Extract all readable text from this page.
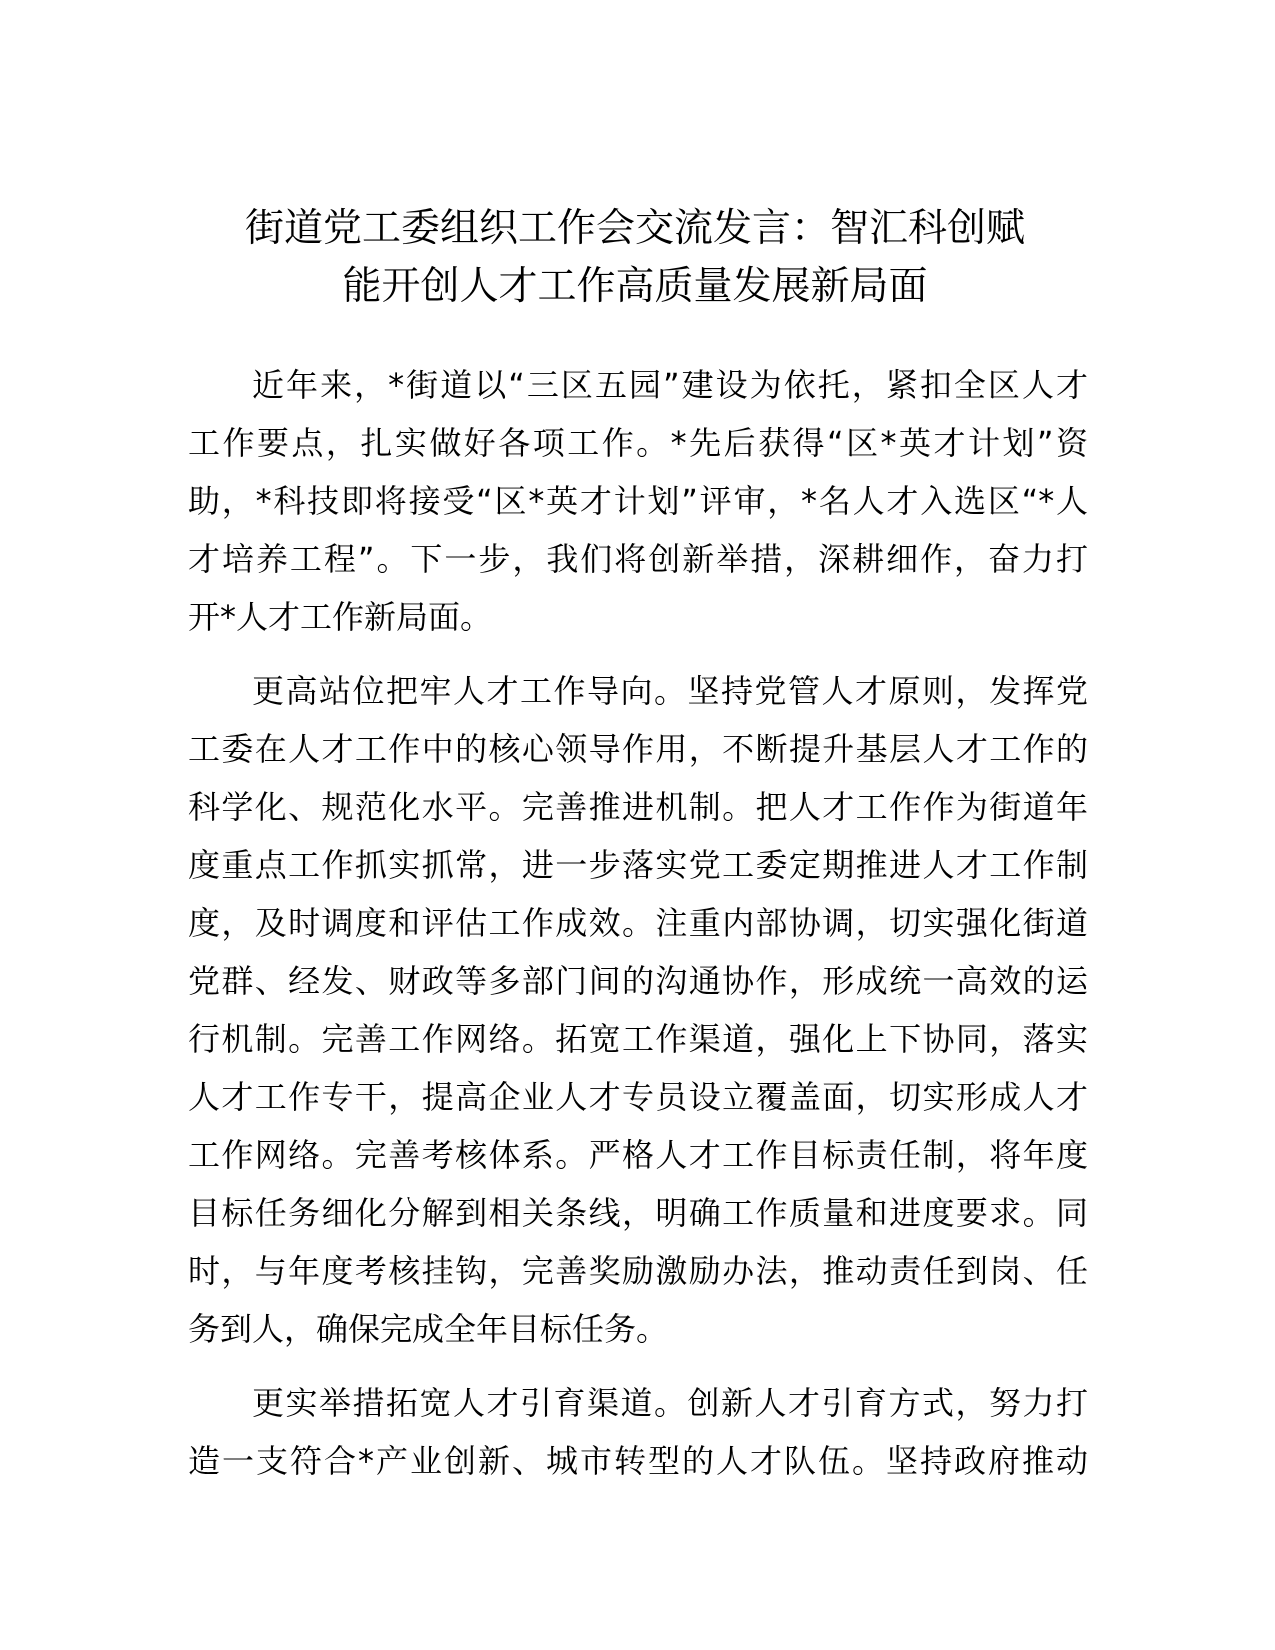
街道党工委组织工作会交流发言：智汇科创赋
能开创人才工作高质量发展新局面
近年来，*街道以“三区五园”建设为依托，紧扣全区人才
工作要点，扎实做好各项工作。*先后获得“区*英才计划”资
助，*科技即将接受“区*英才计划”评审，*名人才入选区“*人
才培养工程”。下一步，我们将创新举措，深耕细作，奋力打
开*人才工作新局面。
更高站位把牢人才工作导向。坚持党管人才原则，发挥党
工委在人才工作中的核心领导作用，不断提升基层人才工作的
科学化、规范化水平。完善推进机制。把人才工作作为街道年
度重点工作抓实抓常，进一步落实党工委定期推进人才工作制
度，及时调度和评估工作成效。注重内部协调，切实强化街道
党群、经发、财政等多部门间的沟通协作，形成统一高效的运
行机制。完善工作网络。拓宽工作渠道，强化上下协同，落实
人才工作专干，提高企业人才专员设立覆盖面，切实形成人才
工作网络。完善考核体系。严格人才工作目标责任制，将年度
目标任务细化分解到相关条线，明确工作质量和进度要求。同
时，与年度考核挂钩，完善奖励激励办法，推动责任到岗、任
务到人，确保完成全年目标任务。
更实举措拓宽人才引育渠道。创新人才引育方式，努力打
造一支符合*产业创新、城市转型的人才队伍。坚持政府推动
